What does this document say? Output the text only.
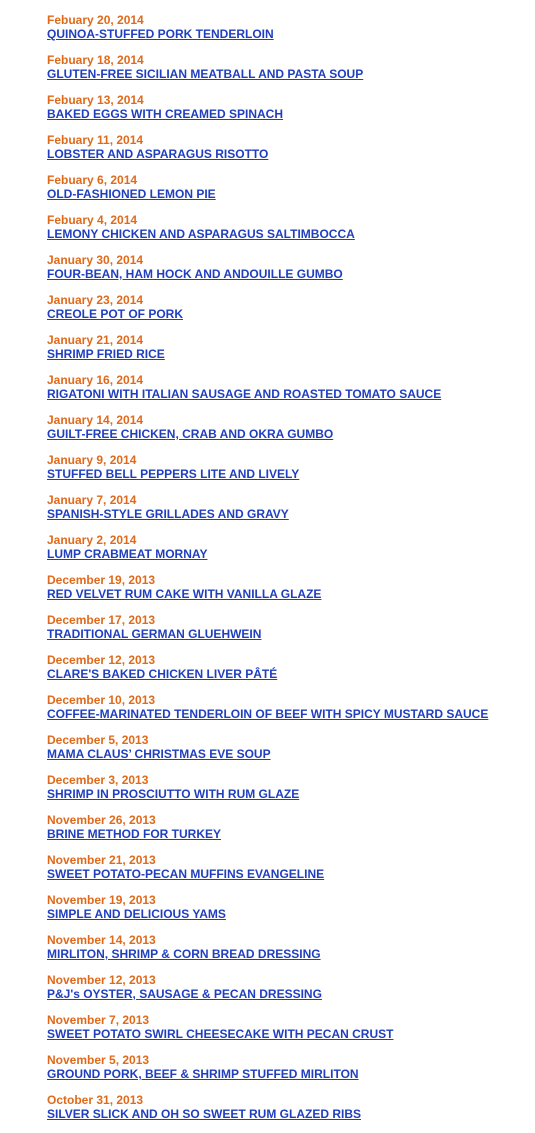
Febuary 20, 2014
QUINOA-STUFFED PORK TENDERLOIN
Febuary 18, 2014
GLUTEN-FREE SICILIAN MEATBALL AND PASTA SOUP
Febuary 13, 2014
BAKED EGGS WITH CREAMED SPINACH
Febuary 11, 2014
LOBSTER AND ASPARAGUS RISOTTO
Febuary 6, 2014
OLD-FASHIONED LEMON PIE
Febuary 4, 2014
LEMONY CHICKEN AND ASPARAGUS SALTIMBOCCA
January 30, 2014
FOUR-BEAN, HAM HOCK AND ANDOUILLE GUMBO
January 23, 2014
CREOLE POT OF PORK
January 21, 2014
SHRIMP FRIED RICE
January 16, 2014
RIGATONI WITH ITALIAN SAUSAGE AND ROASTED TOMATO SAUCE
January 14, 2014
GUILT-FREE CHICKEN, CRAB AND OKRA GUMBO
January 9, 2014
STUFFED BELL PEPPERS LITE AND LIVELY
January 7, 2014
SPANISH-STYLE GRILLADES AND GRAVY
January 2, 2014
LUMP CRABMEAT MORNAY
December 19, 2013
RED VELVET RUM CAKE WITH VANILLA GLAZE
December 17, 2013
TRADITIONAL GERMAN GLUEHWEIN
December 12, 2013
CLARE'S BAKED CHICKEN LIVER PÂTÉ
December 10, 2013
COFFEE-MARINATED TENDERLOIN OF BEEF WITH SPICY MUSTARD SAUCE
December 5, 2013
MAMA CLAUS’ CHRISTMAS EVE SOUP
December 3, 2013
SHRIMP IN PROSCIUTTO WITH RUM GLAZE
November 26, 2013
BRINE METHOD FOR TURKEY
November 21, 2013
SWEET POTATO-PECAN MUFFINS EVANGELINE
November 19, 2013
SIMPLE AND DELICIOUS YAMS
November 14, 2013
MIRLITON, SHRIMP & CORN BREAD DRESSING
November 12, 2013
P&J's OYSTER, SAUSAGE & PECAN DRESSING
November 7, 2013
SWEET POTATO SWIRL CHEESECAKE WITH PECAN CRUST
November 5, 2013
GROUND PORK, BEEF & SHRIMP STUFFED MIRLITON
October 31, 2013
SILVER SLICK AND OH SO SWEET RUM GLAZED RIBS
